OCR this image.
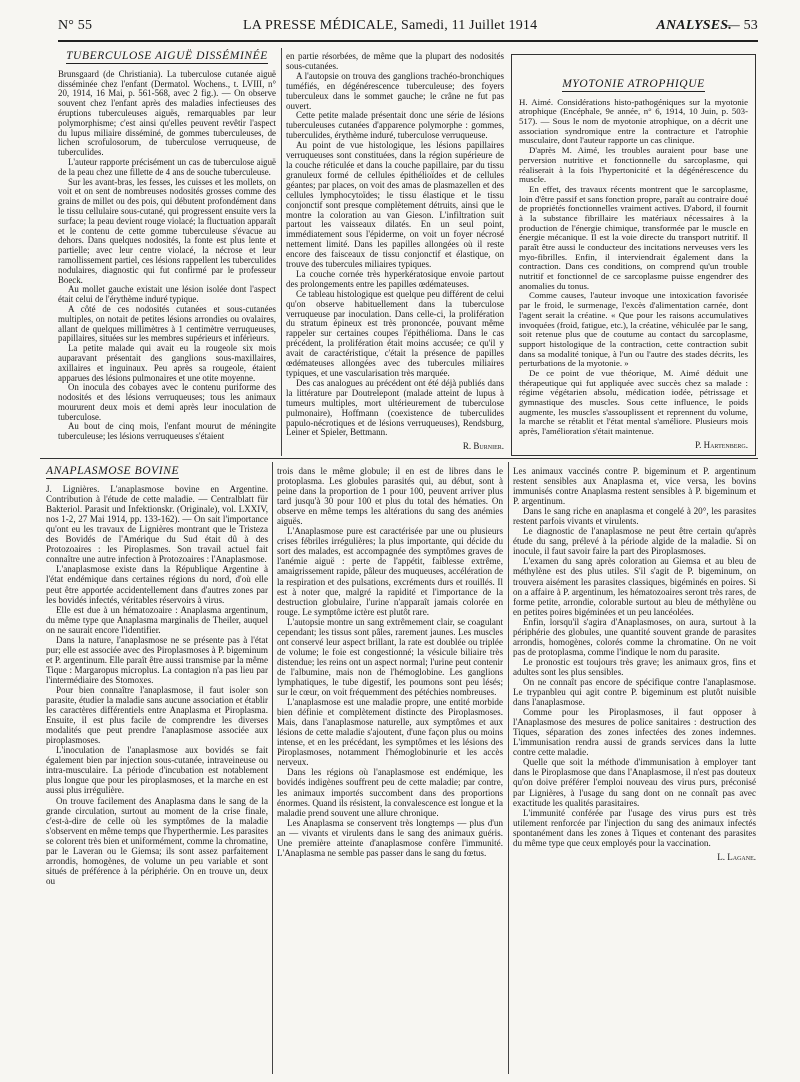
N° 55	LA PRESSE MÉDICALE, Samedi, 11 Juillet 1914	ANALYSES.
— 53
TUBERCULOSE AIGUË DISSÉMINÉE

Brunsgaard (de Christiania). La tuberculose cutanée aiguë disséminée chez l'enfant (Dermatol. Wochens., t. LVIII, n° 20, 1914, 16 Mai, p. 561-568, avec 2 fig.). — On observe souvent chez l'enfant après des maladies infectieuses des éruptions tuberculeuses aiguës, remarquables par leur polymorphisme; c'est ainsi qu'elles peuvent revêtir l'aspect du lupus miliaire disséminé, de gommes tuberculeuses, de lichen scrofulosorum, de tuberculose verruqueuse, de tuberculides.

L'auteur rapporte précisément un cas de tuberculose aiguë de la peau chez une fillette de 4 ans de souche tuberculeuse.

Sur les avant-bras, les fesses, les cuisses et les mollets, on voit et on sent de nombreuses nodosités grosses comme des grains de millet ou des pois, qui débutent profondément dans le tissu cellulaire sous-cutané, qui progressent ensuite vers la surface; la peau devient rouge violacé; la fluctuation apparaît et le contenu de cette gomme tuberculeuse s'évacue au dehors. Dans quelques nodosités, la fonte est plus lente et partielle; avec leur centre violacé, la nécrose et leur ramollissement partiel, ces lésions rappellent les tuberculides nodulaires, diagnostic qui fut confirmé par le professeur Boeck.

Au mollet gauche existait une lésion isolée dont l'aspect était celui de l'érythème induré typique.

A côté de ces nodosités cutanées et sous-cutanées multiples, on notait de petites lésions arrondies ou ovalaires, allant de quelques millimètres à 1 centimètre verruqueuses, papillaires, situées sur les membres supérieurs et inférieurs.

La petite malade qui avait eu la rougeole six mois auparavant présentait des ganglions sous-maxillaires, axillaires et inguinaux. Peu après sa rougeole, étaient apparues des lésions pulmonaires et une otite moyenne.

On inocula des cobayes avec le contenu puriforme des nodosités et des lésions verruqueuses; tous les animaux moururent deux mois et demi après leur inoculation de tuberculose.

Au bout de cinq mois, l'enfant mourut de méningite tuberculeuse; les lésions verruqueuses s'étaient

en partie résorbées, de même que la plupart des nodosités sous-cutanées.

A l'autopsie on trouva des ganglions trachéo-bronchiques tuméfiés, en dégénérescence tuberculeuse; des foyers tuberculeux dans le sommet gauche; le crâne ne fut pas ouvert.

Cette petite malade présentait donc une série de lésions tuberculeuses cutanées d'apparence polymorphe : gommes, tuberculides, érythème induré, tuberculose verruqueuse.

Au point de vue histologique, les lésions papillaires verruqueuses sont constituées, dans la région supérieure de la couche réticulée et dans la couche papillaire, par du tissu granuleux formé de cellules épithélioïdes et de cellules géantes; par places, on voit des amas de plasmazellen et des cellules lymphocytoïdes; le tissu élastique et le tissu conjonctif sont presque complètement détruits, ainsi que le montre la coloration au van Gieson. L'infiltration suit partout les vaisseaux dilatés. En un seul point, immédiatement sous l'épiderme, on voit un foyer nécrosé nettement limité. Dans les papilles allongées où il reste encore des faisceaux de tissu conjonctif et élastique, on trouve des tubercules miliaires typiques.

La couche cornée très hyperkératosique envoie partout des prolongements entre les papilles œdémateuses.

Ce tableau histologique est quelque peu différent de celui qu'on observe habituellement dans la tuberculose verruqueuse par inoculation. Dans celle-ci, la prolifération du stratum épineux est très prononcée, pouvant même rappeler sur certaines coupes l'épithélioma. Dans le cas précédent, la prolifération était moins accusée; ce qu'il y avait de caractéristique, c'était la présence de papilles œdémateuses allongées avec des tubercules miliaires typiques, et une vascularisation très marquée.

Des cas analogues au précédent ont été déjà publiés dans la littérature par Doutrelepont (malade atteint de lupus à tumeurs multiples, mort ultérieurement de tuberculose pulmonaire), Hoffmann (coexistence de tuberculides papulo-nécrotiques et de lésions verruqueuses), Rendsburg, Leiner et Spieler, Bettmann.

R. Burnier.
MYOTONIE ATROPHIQUE

H. Aimé. Considérations histo-pathogéniques sur la myotonie atrophique (Encéphale, 9e année, n° 6, 1914, 10 Juin, p. 503-517). — Sous le nom de myotonie atrophique, on a décrit une association syndromique entre la contracture et l'atrophie musculaire, dont l'auteur rapporte un cas clinique.

D'après M. Aimé, les troubles auraient pour base une perversion nutritive et fonctionnelle du sarcoplasme, qui réaliserait à la fois l'hypertonicité et la dégénérescence du muscle.

En effet, des travaux récents montrent que le sarcoplasme, loin d'être passif et sans fonction propre, paraît au contraire doué de propriétés fonctionnelles vraiment actives. D'abord, il fournit à la substance fibrillaire les matériaux nécessaires à la production de l'énergie chimique, transformée par le muscle en énergie mécanique. Il est la voie directe du transport nutritif. Il paraît être aussi le conducteur des incitations nerveuses vers les myo-fibrilles. Enfin, il interviendrait également dans la contraction. Dans ces conditions, on comprend qu'un trouble nutritif et fonctionnel de ce sarcoplasme puisse engendrer des anomalies du tonus.

Comme causes, l'auteur invoque une intoxication favorisée par le froid, le surmenage, l'excès d'alimentation carnée, dont l'agent serait la créatine. « Que pour les raisons accumulatives invoquées (froid, fatigue, etc.), la créatine, véhiculée par le sang, soit retenue plus que de coutume au contact du sarcoplasme, support histologique de la contraction, cette contraction subit dans sa modalité tonique, à l'un ou l'autre des stades décrits, les perturbations de la myotonie. »

De ce point de vue théorique, M. Aimé déduit une thérapeutique qui fut appliquée avec succès chez sa malade : régime végétarien absolu, médication iodée, pétrissage et gymnastique des muscles. Sous cette influence, le poids augmente, les muscles s'assouplissent et reprennent du volume, la marche se rétablit et l'état mental s'améliore. Plusieurs mois après, l'amélioration s'était maintenue.

P. Hartenberg.
ANAPLASMOSE BOVINE

J. Lignières. L'anaplasmose bovine en Argentine. Contribution à l'étude de cette maladie. — Centralblatt für Bakteriol. Parasit und Infektionskr. (Originale), vol. LXXIV, nos 1-2, 27 Mai 1914, pp. 133-162). — On sait l'importance qu'ont eu les travaux de Lignières montrant que le Tristeza des Bovidés de l'Amérique du Sud était dû à des Protozoaires : les Piroplasmes. Son travail actuel fait connaître une autre infection à Protozoaires : l'Anaplasmose.

L'anaplasmose existe dans la République Argentine à l'état endémique dans certaines régions du nord, d'où elle peut être apportée accidentellement dans d'autres zones par les bovidés infectés, véritables réservoirs à virus.

Elle est due à un hématozoaire : Anaplasma argentinum, du même type que Anaplasma marginalis de Theiler, auquel on ne saurait encore l'identifier.

Dans la nature, l'anaplasmose ne se présente pas à l'état pur; elle est associée avec des Piroplasmoses à P. bigeminum et P. argentinum. Elle paraît être aussi transmise par la même Tique : Margaropus microplus. La contagion n'a pas lieu par l'intermédiaire des Stomoxes.

Pour bien connaître l'anaplasmose, il faut isoler son parasite, étudier la maladie sans aucune association et établir les caractères différentiels entre Anaplasma et Piroplasma. Ensuite, il est plus facile de comprendre les diverses modalités que peut prendre l'anaplasmose associée aux piroplasmoses.

L'inoculation de l'anaplasmose aux bovidés se fait également bien par injection sous-cutanée, intraveineuse ou intra-musculaire. La période d'incubation est notablement plus longue que pour les piroplasmoses, et la marche en est aussi plus irrégulière.

On trouve facilement des Anaplasma dans le sang de la grande circulation, surtout au moment de la crise finale, c'est-à-dire de celle où les symptômes de la maladie s'observent en même temps que l'hyperthermie. Les parasites se colorent très bien et uniformément, comme la chromatine, par le Laveran ou le Giemsa; ils sont assez parfaitement arrondis, homogènes, de volume un peu variable et sont situés de préférence à la périphérie. On en trouve un, deux ou

trois dans le même globule; il en est de libres dans le protoplasma. Les globules parasités qui, au début, sont à peine dans la proportion de 1 pour 100, peuvent arriver plus tard jusqu'à 30 pour 100 et plus du total des hématies. On observe en même temps les altérations du sang des anémies aiguës.

L'Anaplasmose pure est caractérisée par une ou plusieurs crises fébriles irrégulières; la plus importante, qui décide du sort des malades, est accompagnée des symptômes graves de l'anémie aiguë : perte de l'appétit, faiblesse extrême, amaigrissement rapide, pâleur des muqueuses, accélération de la respiration et des pulsations, excréments durs et rouillés. Il est à noter que, malgré la rapidité et l'importance de la destruction globulaire, l'urine n'apparaît jamais colorée en rouge. Le symptôme ictère est plutôt rare.

L'autopsie montre un sang extrêmement clair, se coagulant cependant; les tissus sont pâles, rarement jaunes. Les muscles ont conservé leur aspect brillant, la rate est doublée ou triplée de volume; le foie est congestionné; la vésicule biliaire très distendue; les reins ont un aspect normal; l'urine peut contenir de l'albumine, mais non de l'hémoglobine. Les ganglions lymphatiques, le tube digestif, les poumons sont peu lésés; sur le cœur, on voit fréquemment des pétéchies nombreuses.

L'anaplasmose est une maladie propre, une entité morbide bien définie et complètement distincte des Piroplasmoses. Mais, dans l'anaplasmose naturelle, aux symptômes et aux lésions de cette maladie s'ajoutent, d'une façon plus ou moins intense, et en les précédant, les symptômes et les lésions des Piroplasmoses, notamment l'hémoglobinurie et les accès nerveux.

Dans les régions où l'anaplasmose est endémique, les bovidés indigènes souffrent peu de cette maladie; par contre, les animaux importés succombent dans des proportions énormes. Quand ils résistent, la convalescence est longue et la maladie prend souvent une allure chronique.

Les Anaplasma se conservent très longtemps — plus d'un an — vivants et virulents dans le sang des animaux guéris. Une première atteinte d'anaplasmose confère l'immunité. L'Anaplasma ne semble pas passer dans le sang du fœtus.

Les animaux vaccinés contre P. bigeminum et P. argentinum restent sensibles aux Anaplasma et, vice versa, les bovins immunisés contre Anaplasma restent sensibles à P. bigeminum et P. argentinum.

Dans le sang riche en anaplasma et congelé à 20°, les parasites restent parfois vivants et virulents.

Le diagnostic de l'anaplasmose ne peut être certain qu'après étude du sang, prélevé à la période algide de la maladie. Si on inocule, il faut savoir faire la part des Piroplasmoses.

L'examen du sang après coloration au Giemsa et au bleu de méthylène est des plus utiles. S'il s'agit de P. bigeminum, on trouvera aisément les parasites classiques, bigéminés en poires. Si on a affaire à P. argentinum, les hématozoaires seront très rares, de forme petite, arrondie, colorable surtout au bleu de méthylène ou en petites poires bigéminées et un peu lancéolées.

Enfin, lorsqu'il s'agira d'Anaplasmoses, on aura, surtout à la périphérie des globules, une quantité souvent grande de parasites arrondis, homogènes, colorés comme la chromatine. On ne voit pas de protoplasma, comme l'indique le nom du parasite.

Le pronostic est toujours très grave; les animaux gros, fins et adultes sont les plus sensibles.

On ne connaît pas encore de spécifique contre l'anaplasmose. Le trypanbleu qui agit contre P. bigeminum est plutôt nuisible dans l'anaplasmose.

Comme pour les Piroplasmoses, il faut opposer à l'Anaplasmose des mesures de police sanitaires : destruction des Tiques, séparation des zones infectées des zones indemnes. L'immunisation rendra aussi de grands services dans la lutte contre cette maladie.

Quelle que soit la méthode d'immunisation à employer tant dans le Piroplasmose que dans l'Anaplasmose, il n'est pas douteux qu'on doive préférer l'emploi nouveau des virus purs, préconisé par Lignières, à l'usage du sang dont on ne connaît pas avec exactitude les qualités parasitaires.

L'immunité conférée par l'usage des virus purs est très utilement renforcée par l'injection du sang des animaux infectés spontanément dans les zones à Tiques et contenant des parasites du même type que ceux employés pour la vaccination.

L. Lagane.
